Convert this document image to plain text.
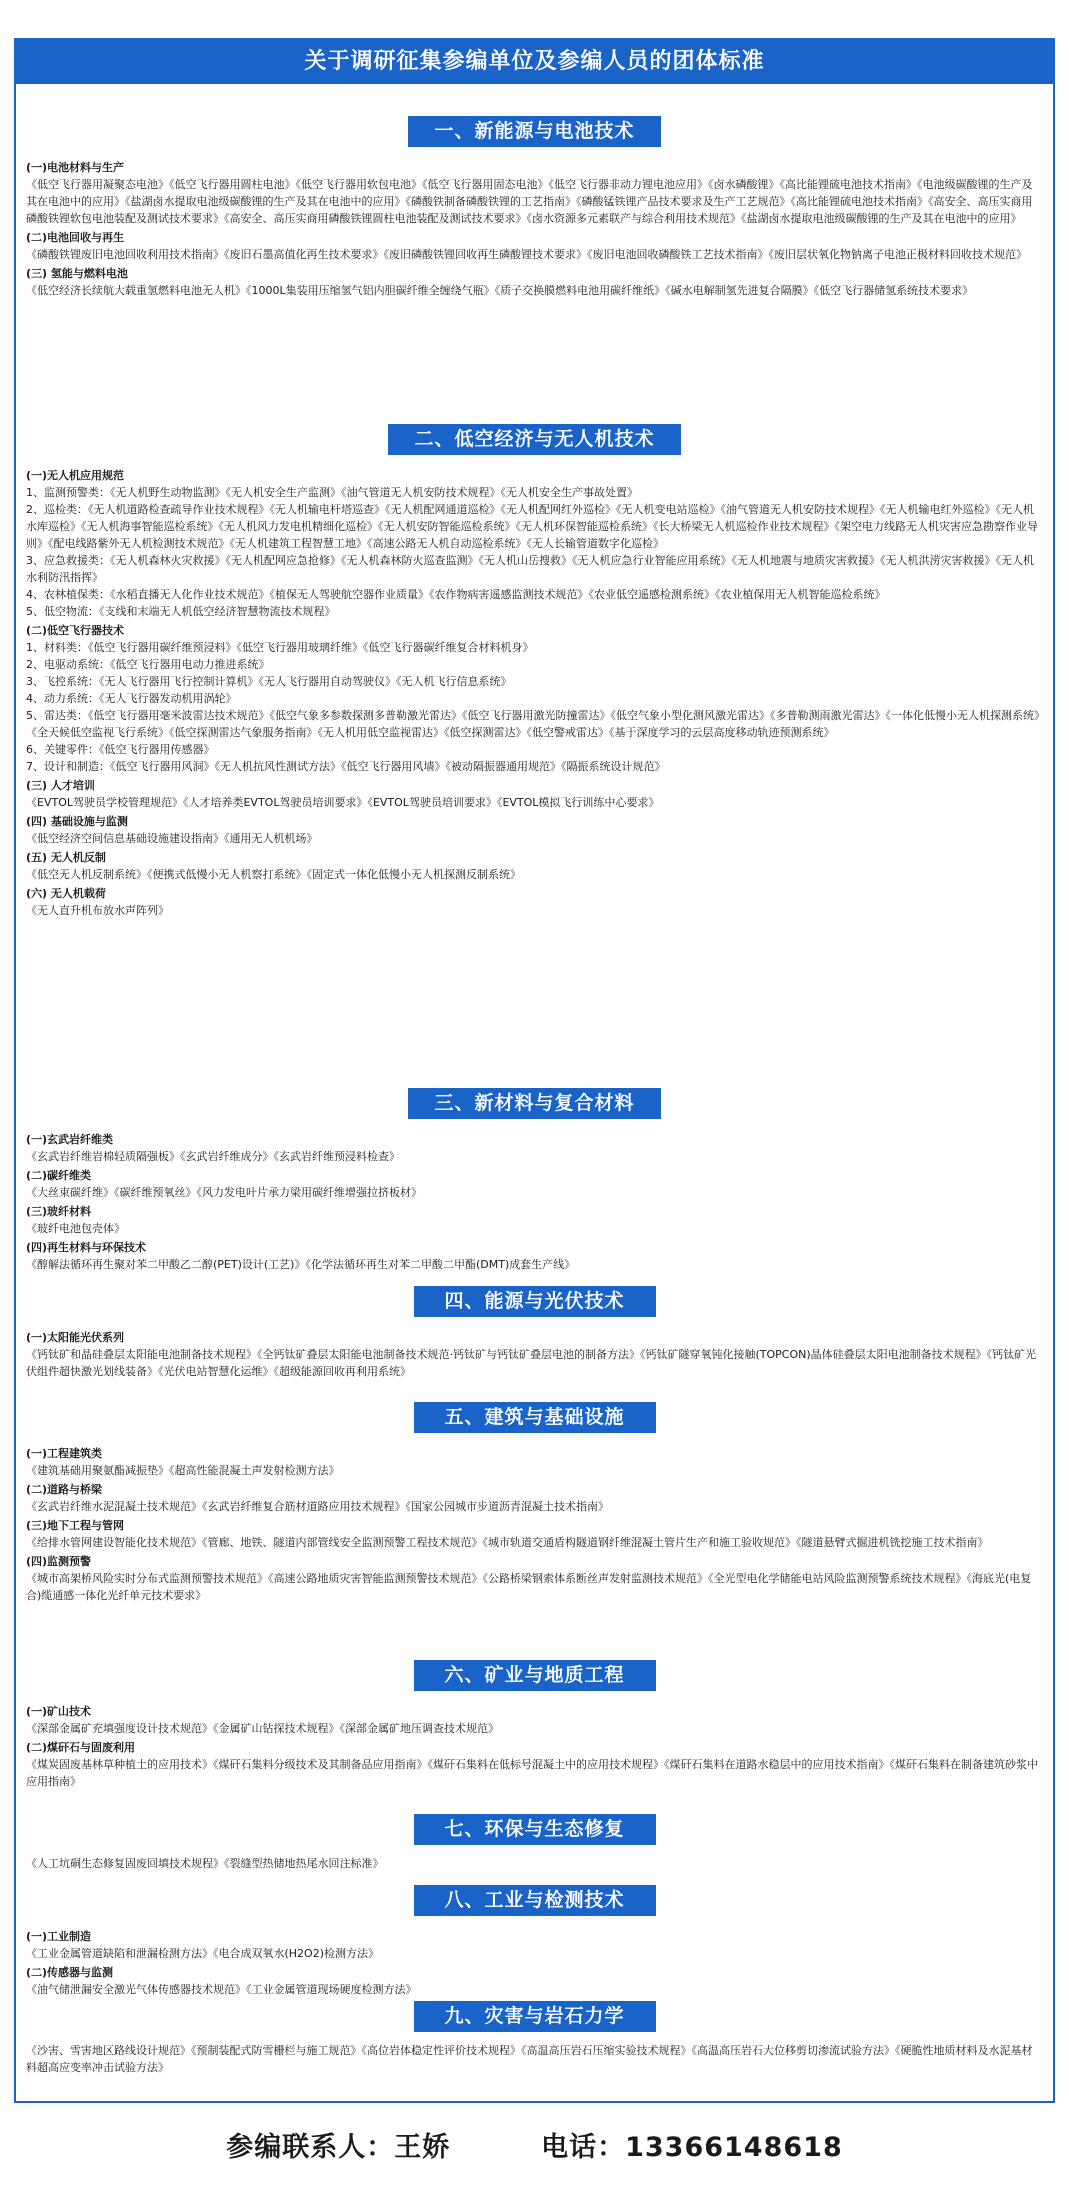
关于调研征集参编单位及参编人员的团体标准
一、新能源与电池技术
(一)电池材料与生产
《低空飞行器用凝聚态电池》《低空飞行器用圆柱电池》《低空飞行器用软包电池》《低空飞行器用固态电池》《低空飞行器非动力锂电池应用》《卤水磷酸锂》《高比能锂硫电池技术指南》《电池级碳酸锂的生产及其在电池中的应用》《盐湖卤水提取电池级碳酸锂的生产及其在电池中的应用》《磷酸铁制备磷酸铁锂的工艺指南》《磷酸锰铁锂产品技术要求及生产工艺规范》《高比能锂硫电池技术指南》《高安全、高压实商用磷酸铁锂软包电池装配及测试技术要求》《高安全、高压实商用磷酸铁锂圆柱电池装配及测试技术要求》《卤水资源多元素联产与综合利用技术规范》《盐湖卤水提取电池级碳酸锂的生产及其在电池中的应用》
(二)电池回收与再生
《磷酸铁锂废旧电池回收利用技术指南》《废旧石墨高值化再生技术要求》《废旧磷酸铁锂回收再生磷酸锂技术要求》《废旧电池回收磷酸铁工艺技术指南》《废旧层状氧化物钠离子电池正极材料回收技术规范》
(三) 氢能与燃料电池
《低空经济长续航大载重氢燃料电池无人机》《1000L集装用压缩氢气铝内胆碳纤维全缠绕气瓶》《质子交换膜燃料电池用碳纤维纸》《碱水电解制氢先进复合隔膜》《低空飞行器储氢系统技术要求》
二、低空经济与无人机技术
(一)无人机应用规范
1、监测预警类：《无人机野生动物监测》《无人机安全生产监测》《油气管道无人机安防技术规程》《无人机安全生产事故处置》
2、巡检类：《无人机道路检查疏导作业技术规程》《无人机输电杆塔巡查》《无人机配网通道巡检》《无人机配网红外巡检》《无人机变电站巡检》《油气管道无人机安防技术规程》《无人机输电红外巡检》《无人机水库巡检》《无人机海事智能巡检系统》《无人机风力发电机精细化巡检》《无人机安防智能巡检系统》《无人机环保智能巡检系统》《长大桥梁无人机巡检作业技术规程》《架空电力线路无人机灾害应急勘察作业导则》《配电线路紫外无人机检测技术规范》《无人机建筑工程智慧工地》《高速公路无人机自动巡检系统》《无人长输管道数字化巡检》
3、应急救援类：《无人机森林火灾救援》《无人机配网应急抢修》《无人机森林防火巡查监测》《无人机山岳搜救》《无人机应急行业智能应用系统》《无人机地震与地质灾害救援》《无人机洪涝灾害救援》《无人机水利防汛指挥》
4、农林植保类：《水稻直播无人化作业技术规范》《植保无人驾驶航空器作业质量》《农作物病害遥感监测技术规范》《农业低空遥感检测系统》《农业植保用无人机智能巡检系统》
5、低空物流：《支线和末端无人机低空经济智慧物流技术规程》
(二)低空飞行器技术
1、材料类：《低空飞行器用碳纤维预浸料》《低空飞行器用玻璃纤维》《低空飞行器碳纤维复合材料机身》
2、电驱动系统：《低空飞行器用电动力推进系统》
3、飞控系统：《无人飞行器用飞行控制计算机》《无人飞行器用自动驾驶仪》《无人机飞行信息系统》
4、动力系统：《无人飞行器发动机用涡轮》
5、雷达类：《低空飞行器用毫米波雷达技术规范》《低空气象多参数探测多普勒激光雷达》《低空飞行器用激光防撞雷达》《低空气象小型化测风激光雷达》《多普勒测雨激光雷达》《一体化低慢小无人机探测系统》《全天候低空监视飞行系统》《低空探测雷达气象服务指南》《无人机用低空监视雷达》《低空探测雷达》《低空警戒雷达》《基于深度学习的云层高度移动轨迹预测系统》
6、关键零件：《低空飞行器用传感器》
7、设计和制造：《低空飞行器用风洞》《无人机抗风性测试方法》《低空飞行器用风墙》《被动隔振器通用规范》《隔振系统设计规范》
(三) 人才培训
《EVTOL驾驶员学校管理规范》《人才培养类EVTOL驾驶员培训要求》《EVTOL驾驶员培训要求》《EVTOL模拟飞行训练中心要求》
(四) 基础设施与监测
《低空经济空间信息基础设施建设指南》《通用无人机机场》
(五) 无人机反制
《低空无人机反制系统》《便携式低慢小无人机察打系统》《固定式一体化低慢小无人机探测反制系统》
(六) 无人机载荷
《无人直升机布放水声阵列》
三、新材料与复合材料
(一)玄武岩纤维类
《玄武岩纤维岩棉轻质隔强板》《玄武岩纤维成分》《玄武岩纤维预浸料检查》
(二)碳纤维类
《大丝束碳纤维》《碳纤维预氧丝》《风力发电叶片承力梁用碳纤维增强拉挤板材》
(三)玻纤材料
《玻纤电池包壳体》
(四)再生材料与环保技术
《醇解法循环再生聚对苯二甲酸乙二醇(PET)设计(工艺)》《化学法循环再生对苯二甲酸二甲酯(DMT)成套生产线》
四、能源与光伏技术
(一)太阳能光伏系列
《钙钛矿和晶硅叠层太阳能电池制备技术规程》《全钙钛矿叠层太阳能电池制备技术规范·钙钛矿与钙钛矿叠层电池的制备方法》《钙钛矿隧穿氧钝化接触(TOPCON)晶体硅叠层太阳电池制备技术规程》《钙钛矿光伏组件超快激光划线装备》《光伏电站智慧化运维》《超级能源回收再利用系统》
五、建筑与基础设施
(一)工程建筑类
《建筑基础用聚氨酯减振垫》《超高性能混凝土声发射检测方法》
(二)道路与桥梁
《玄武岩纤维水泥混凝土技术规范》《玄武岩纤维复合筋材道路应用技术规程》《国家公园城市步道沥青混凝土技术指南》
(三)地下工程与管网
《给排水管网建设智能化技术规范》《管廊、地铁、隧道内部管线安全监测预警工程技术规范》《城市轨道交通盾构隧道钢纤维混凝土管片生产和施工验收规范》《隧道悬臂式掘进机铣挖施工技术指南》
(四)监测预警
《城市高架桥风险实时分布式监测预警技术规范》《高速公路地质灾害智能监测预警技术规范》《公路桥梁钢索体系断丝声发射监测技术规范》《全光型电化学储能电站风险监测预警系统技术规程》《海底光(电复合)缆通感一体化光纤单元技术要求》
六、矿业与地质工程
(一)矿山技术
《深部金属矿充填强度设计技术规范》《金属矿山钻探技术规程》《深部金属矿地压调查技术规范》
(二)煤矸石与固废利用
《煤炭固废基林草种植土的应用技术》《煤矸石集料分级技术及其制备品应用指南》《煤矸石集料在低标号混凝土中的应用技术规程》《煤矸石集料在道路水稳层中的应用技术指南》《煤矸石集料在制备建筑砂浆中应用指南》
七、环保与生态修复
《人工坑硐生态修复固废回填技术规程》《裂缝型热储地热尾水回注标准》
八、工业与检测技术
(一)工业制造
《工业金属管道缺陷和泄漏检测方法》《电合成双氧水(H2O2)检测方法》
(二)传感器与监测
《油气储泄漏安全激光气体传感器技术规范》《工业金属管道现场硬度检测方法》
九、灾害与岩石力学
《沙害、雪害地区路线设计规范》《预制装配式防雪栅栏与施工规范》《高位岩体稳定性评价技术规程》《高温高压岩石压缩实验技术规程》《高温高压岩石大位移剪切渗流试验方法》《硬脆性地质材料及水泥基材料超高应变率冲击试验方法》
参编联系人：王娇	电话：13366148618
